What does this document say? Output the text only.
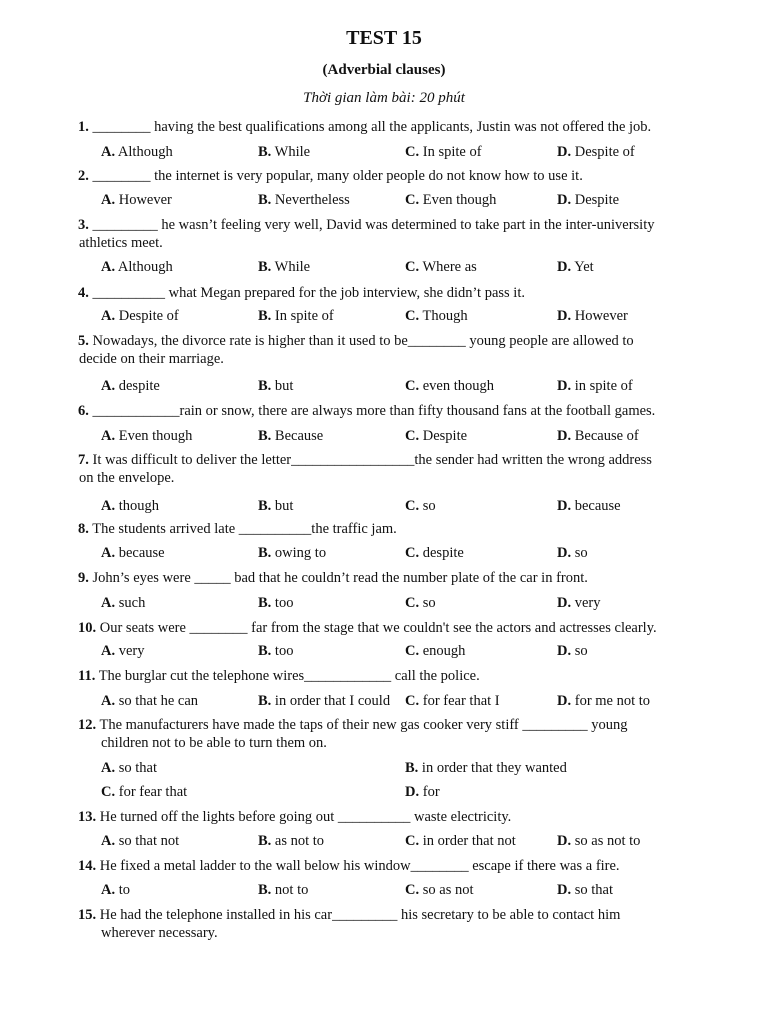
TEST 15
(Adverbial clauses)
Thời gian làm bài: 20 phút
1. ________ having the best qualifications among all the applicants, Justin was not offered the job.
A. Although	B. While	C. In spite of	D. Despite of
2. ________ the internet is very popular, many older people do not know how to use it.
A. However	B. Nevertheless	C. Even though	D. Despite
3. _________ he wasn’t feeling very well, David was determined to take part in the inter-university
athletics meet.
A. Although	B. While	C. Where as	D. Yet
4. __________ what Megan prepared for the job interview, she didn’t pass it.
A. Despite of	B. In spite of	C. Though	D. However
5. Nowadays, the divorce rate is higher than it used to be________ young people are allowed to
decide on their marriage.
A. despite	B. but	C. even though	D. in spite of
6. ____________rain or snow, there are always more than fifty thousand fans at the football games.
A. Even though	B. Because	C. Despite	D. Because of
7. It was difficult to deliver the letter_________________the sender had written the wrong address
on the envelope.
A. though	B. but	C. so	D. because
8. The students arrived late __________the traffic jam.
A. because	B. owing to	C. despite	D. so
9. John’s eyes were _____ bad that he couldn’t read the number plate of the car in front.
A. such	B. too	C. so	D. very
10. Our seats were ________ far from the stage that we couldn't see the actors and actresses clearly.
A. very	B. too	C. enough	D. so
11. The burglar cut the telephone wires____________ call the police.
A. so that he can	B. in order that I could C. for fear that I	D. for me not to
12. The manufacturers have made the taps of their new gas cooker very stiff _________ young
children not to be able to turn them on.
A. so that	B. in order that they wanted
C. for fear that	D. for
13. He turned off the lights before going out __________ waste electricity.
A. so that not	B. as not to	C. in order that not	D. so as not to
14. He fixed a metal ladder to the wall below his window________ escape if there was a fire.
A. to	B. not to	C. so as not	D. so that
15. He had the telephone installed in his car_________ his secretary to be able to contact him
wherever necessary.
